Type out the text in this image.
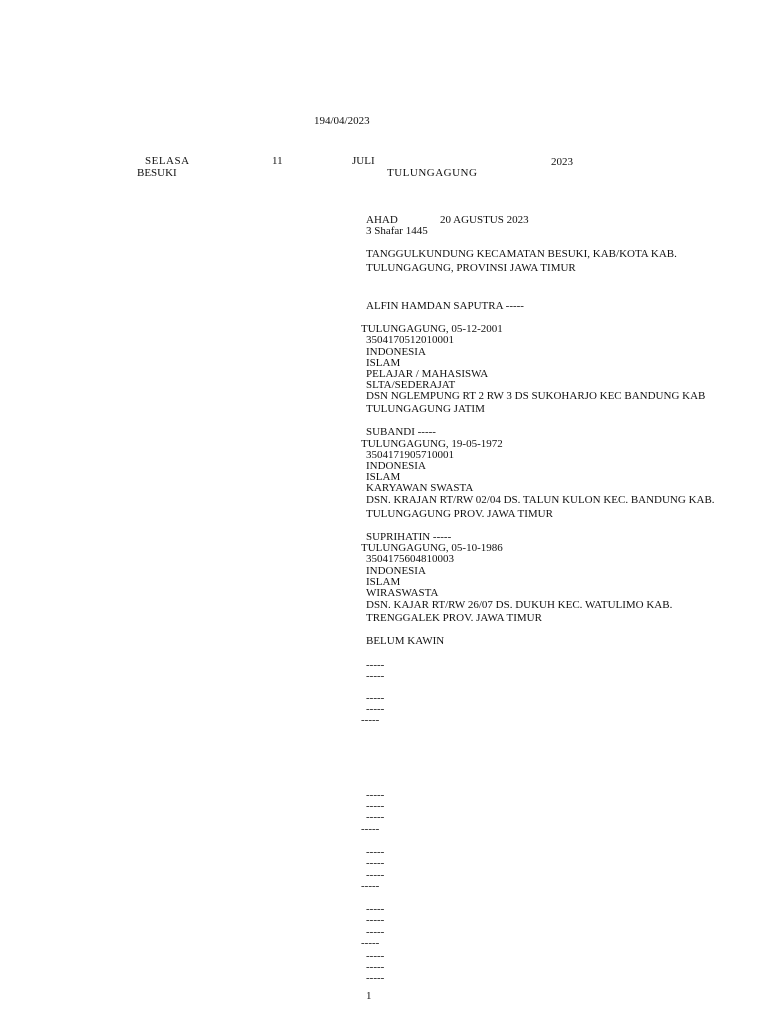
194/04/2023
SELASA	11	JULI	2023
BESUKI	TULUNGAGUNG
AHAD	20 AGUSTUS 2023
3 Shafar 1445
TANGGULKUNDUNG KECAMATAN BESUKI, KAB/KOTA KAB.
TULUNGAGUNG, PROVINSI JAWA TIMUR
ALFIN HAMDAN SAPUTRA -----
TULUNGAGUNG, 05-12-2001
3504170512010001
INDONESIA
ISLAM
PELAJAR / MAHASISWA
SLTA/SEDERAJAT
DSN NGLEMPUNG RT 2 RW 3 DS SUKOHARJO KEC BANDUNG KAB
TULUNGAGUNG JATIM
SUBANDI -----
TULUNGAGUNG, 19-05-1972
3504171905710001
INDONESIA
ISLAM
KARYAWAN SWASTA
DSN. KRAJAN RT/RW 02/04 DS. TALUN KULON KEC. BANDUNG KAB.
TULUNGAGUNG PROV. JAWA TIMUR
SUPRIHATIN -----
TULUNGAGUNG, 05-10-1986
3504175604810003
INDONESIA
ISLAM
WIRASWASTA
DSN. KAJAR RT/RW 26/07 DS. DUKUH KEC. WATULIMO KAB.
TRENGGALEK PROV. JAWA TIMUR
BELUM KAWIN
-----
-----
-----
-----
-----
-----
-----
-----
-----
-----
-----
-----
-----
-----
-----
-----
-----
-----
-----
-----
1
